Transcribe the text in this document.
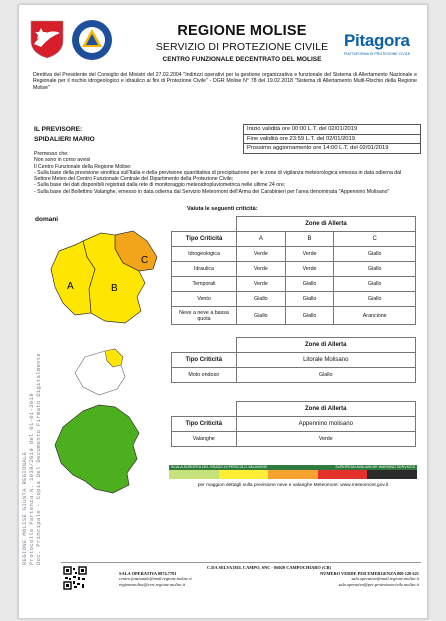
REGIONE MOLISE
SERVIZIO DI PROTEZIONE CIVILE
CENTRO FUNZIONALE DECENTRATO DEL MOLISE
Pitagora
PIATTAFORMA DI PROTEZIONE CIVILE
Direttiva del Presidente del Consiglio dei Ministri del 27.02.2004 "Indirizzi operativi per la gestione organizzativa e funzionale del Sistema di Allertamento Nazionale e Regionale per il rischio idrogeologico e idraulico ai fini di Protezione Civile" - DGR Molise N° 78 del 19.02.2018 "Sistema di Allertamento Multi-Rischio della Regione Molise"
IL PREVISORE:
SPIDALIERI MARIO
Inizio validità ore 00:00 L.T. del 02/01/2019
Fine validità ore 23:59 L.T. del 02/01/2019
Prossimo aggiornamento ore 14:00 L.T. del 02/01/2019
Premesso che:
Non sono in corso avvisi
Il Centro Funzionale della Regione Molise:
- Sulla base della previsione sinottica sull'Italia e della previsione quantitativa di precipitazione per le zone di vigilanza meteorologica emessa in data odierna dal Settore Meteo del Centro Funzionale Centrale del Dipartimento della Protezione Civile;
- Sulla base dei dati disponibili registrati dalla rete di monitoraggio meteoidropluviometrica nelle ultime 24 ore;
- Sulla base del Bollettino Valanghe, emesso in data odierna dal Servizio Meteomont dell'Arma dei Carabinieri per l'area denominata "Appennino Molisano"
Valuta le seguenti criticità:
domani
A	B
C
	Zone di Allerta		
Tipo Criticità	A	B	C
Idrogeologica	Verde	Verde	Giallo
Idraulica	Verde	Verde	Giallo
Temporali	Verde	Giallo	Giallo
Vento	Giallo	Giallo	Giallo
Neve a neve a bassa quota	Giallo	Giallo	Arancione
	Zone di Allerta
Tipo Criticità	Litorale Molisano
Moto ondoso	Giallo
	Zone di Allerta
Tipo Criticità	Appennino molisano
Valanghe	Verde
SCALA EUROPEA DEL GRADO DI PERICOLO VALANGHE	EUROPEAN AVALANCHE WARNING SERVICES
per maggiori dettagli sulla previsione neve e valanghe Meteomont: www.meteomont.gov.it
REGIONE MOLISE GIUNTA REGIONALE Protocollo Partenza N. 1039/2019 del 01-01-2019 Doc. Principale - Copia Del Documento Firmato Digitalmente
C.DA SELVA DEL CAMPO, SNC - 86020 CAMPOCHIARO (CB)
SALA OPERATIVA 0874.7791	NUMERO VERDE PER EMERGENZA 800 120 621
centro.funzionale@mail.regione.molise.it	sala.operativa@mail.regione.molise.it
regionemolise@cert.regione.molise.it	sala.operativa@pec.protezionecivile.molise.it
